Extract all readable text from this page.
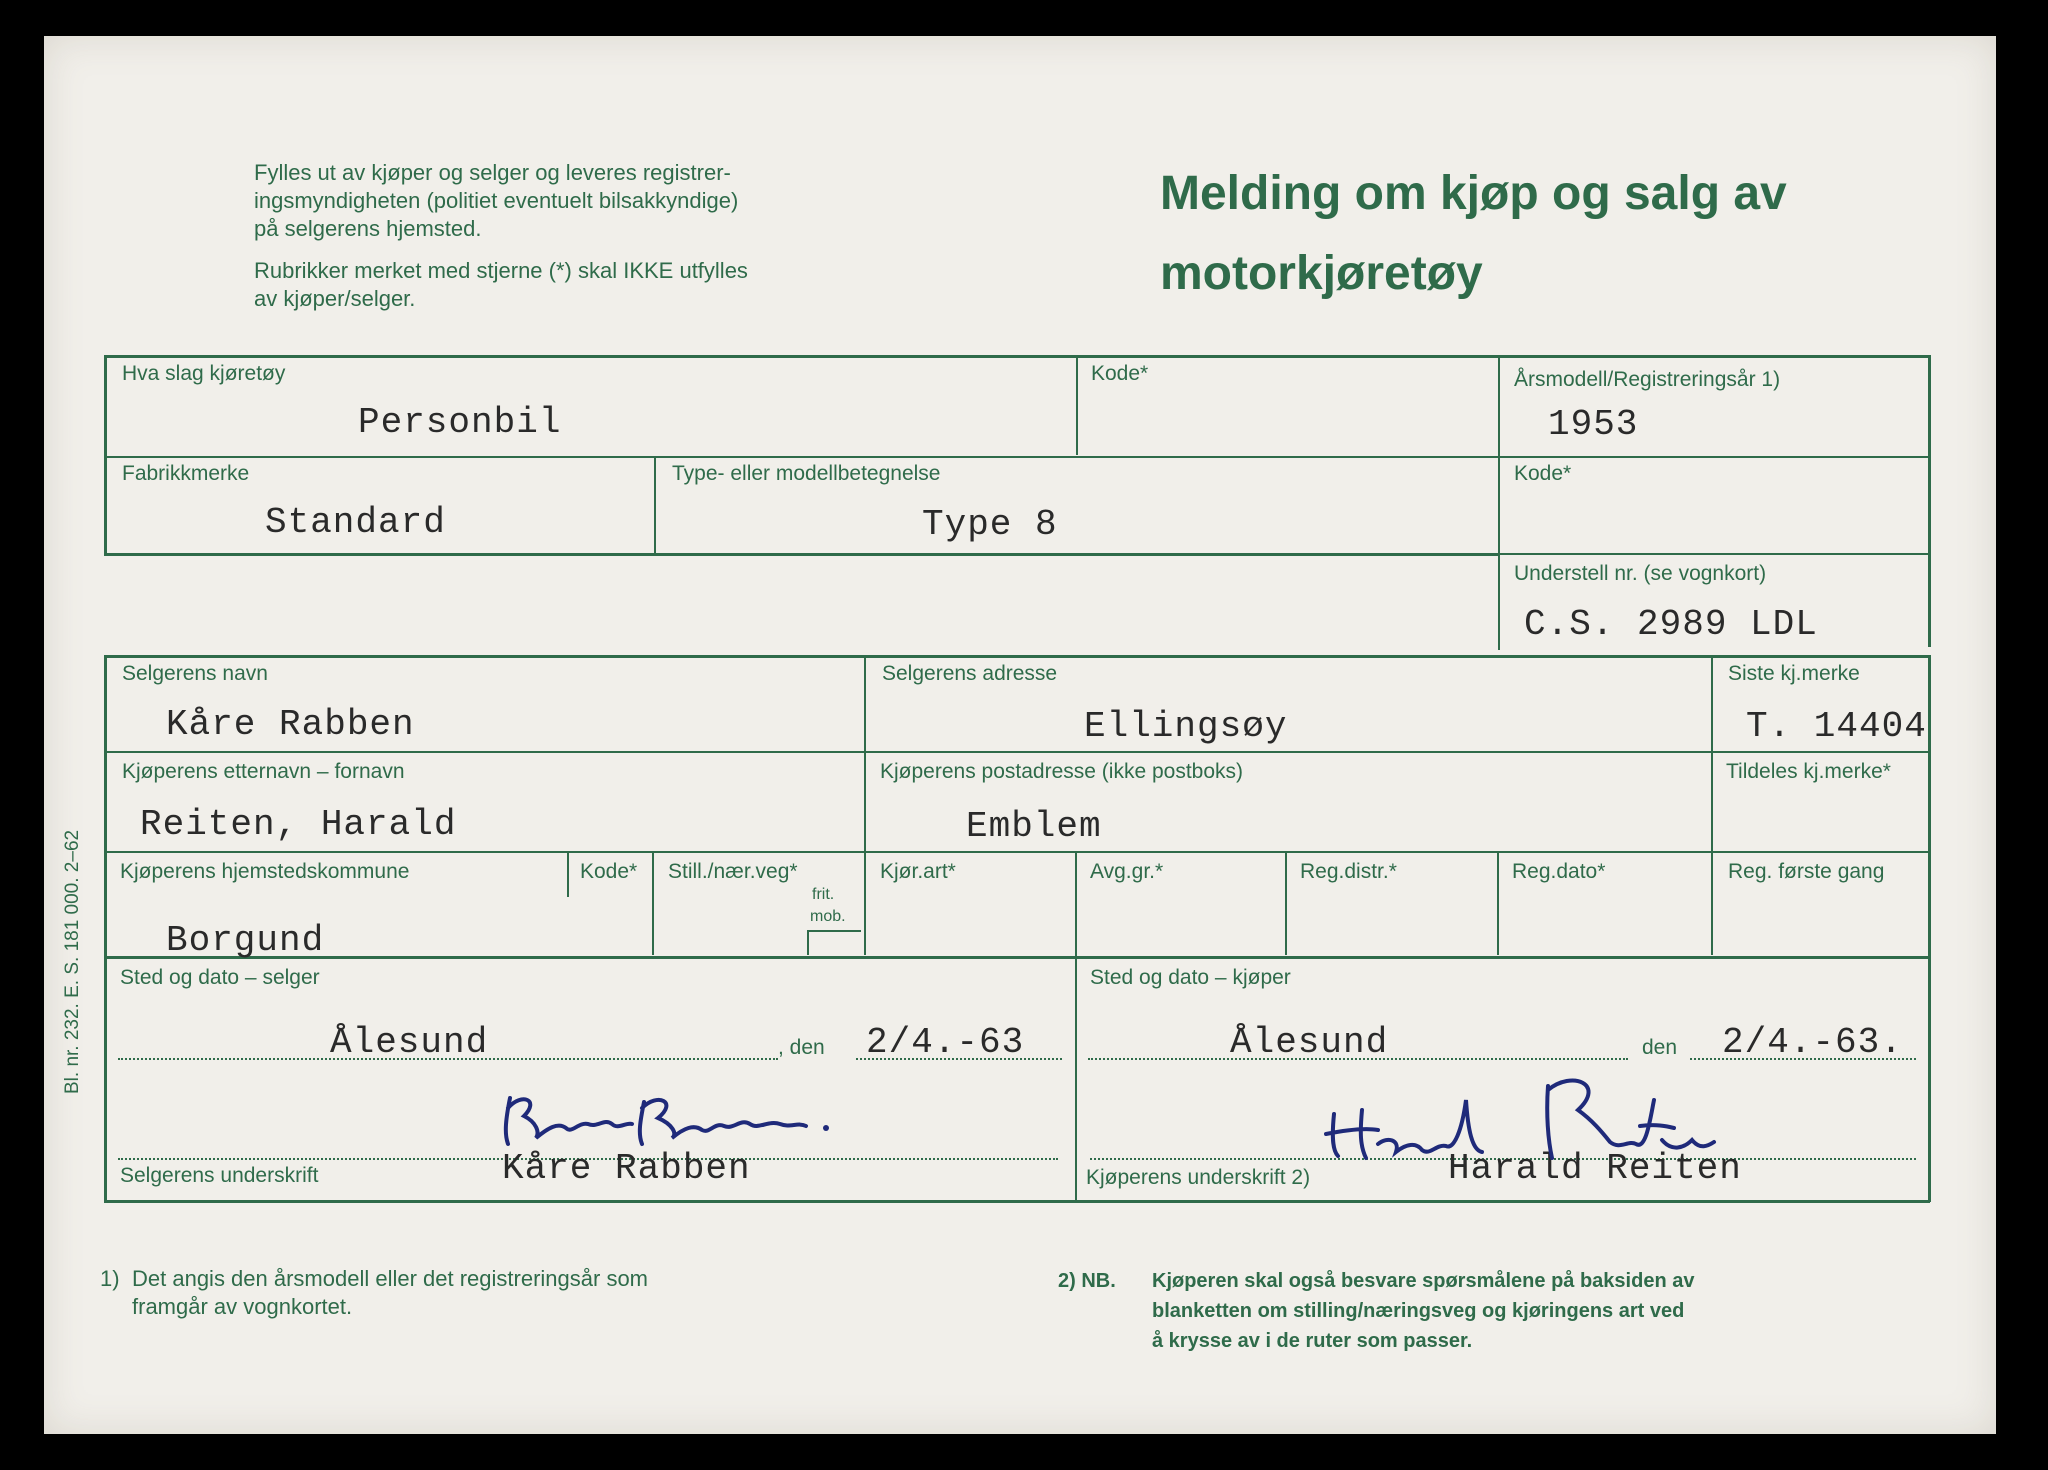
Fylles ut av kjøper og selger og leveres registrer-
ingsmyndigheten (politiet eventuelt bilsakkyndige)
på selgerens hjemsted.
Rubrikker merket med stjerne (*) skal IKKE utfylles
av kjøper/selger.
Melding om kjøp og salg av
motorkjøretøy
Hva slag kjøretøy
Personbil
Kode*	Årsmodell/Registreringsår 1)
1953
Fabrikkmerke
Standard
Type- eller modellbetegnelse
Type 8
Kode*
Understell nr. (se vognkort)
C.S. 2989 LDL
Selgerens navn
Kåre Rabben
Selgerens adresse
Ellingsøy
Siste kj.merke
T. 14404
Kjøperens etternavn – fornavn
Reiten, Harald
Kjøperens postadresse (ikke postboks)
Emblem
Tildeles kj.merke*
Kjøperens hjemstedskommune
Borgund
Kode* Still./nær.veg*
frit.
mob.
Kjør.art*	Avg.gr.*	Reg.distr.*	Reg.dato*	Reg. første gang
Sted og dato – selger
Ålesund	, den 2/4.-63
Sted og dato – kjøper
Ålesund	den 2/4.-63.
Selgerens underskrift	Kåre Rabben	Kjøperens underskrift 2)	Harald Reiten
Bl. nr. 232. E. S. 181 000. 2–62
1) Det angis den årsmodell eller det registreringsår som
framgår av vognkortet.
2) NB. Kjøperen skal også besvare spørsmålene på baksiden av
blanketten om stilling/næringsveg og kjøringens art ved
å krysse av i de ruter som passer.
